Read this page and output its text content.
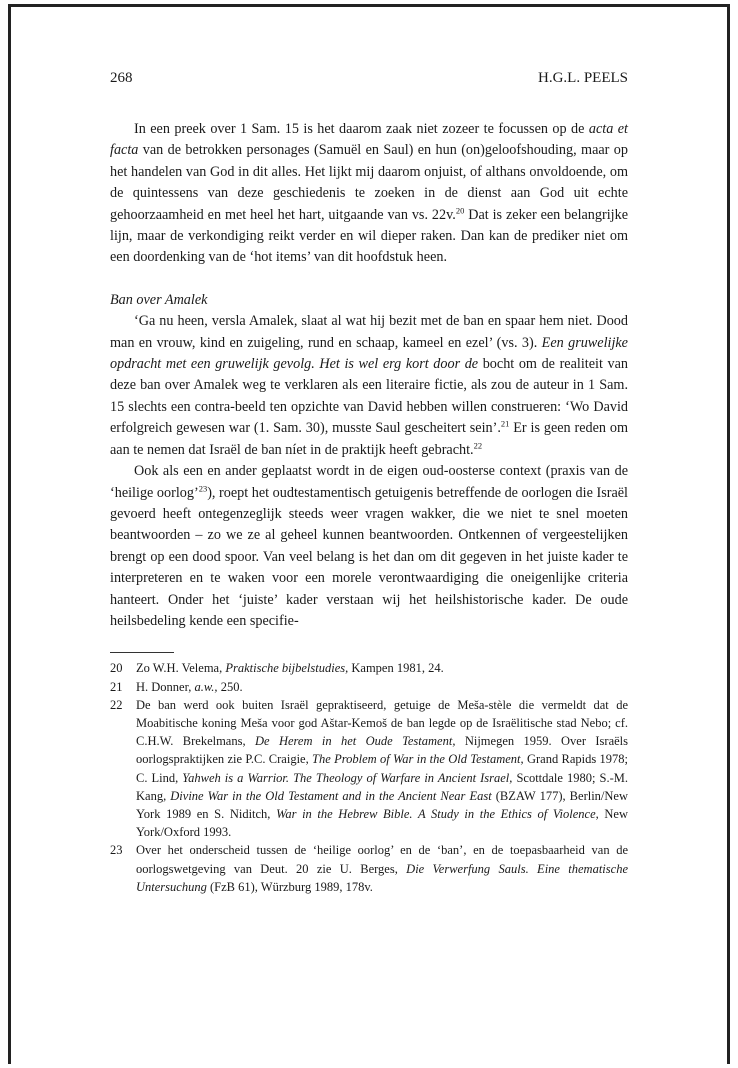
268	H.G.L. PEELS

In een preek over 1 Sam. 15 is het daarom zaak niet zozeer te focussen op de acta et facta van de betrokken personages (Samuël en Saul) en hun (on)geloofshouding, maar op het handelen van God in dit alles. Het lijkt mij daarom onjuist, of althans onvoldoende, om de quintessens van deze geschiedenis te zoeken in de dienst aan God uit echte gehoorzaamheid en met heel het hart, uitgaande van vs. 22v.$^{20}$ Dat is zeker een belangrijke lijn, maar de verkondiging reikt verder en wil dieper raken. Dan kan de prediker niet om een doordenking van de ‘hot items’ van dit hoofdstuk heen.

Ban over Amalek

‘Ga nu heen, versla Amalek, slaat al wat hij bezit met de ban en spaar hem niet. Dood man en vrouw, kind en zuigeling, rund en schaap, kameel en ezel’ (vs. 3). Een gruwelijke opdracht met een gruwelijk gevolg. Het is wel erg kort door de bocht om de realiteit van deze ban over Amalek weg te verklaren als een literaire fictie, als zou de auteur in 1 Sam. 15 slechts een contra-beeld ten opzichte van David hebben willen construeren: ‘Wo David erfolgreich gewesen war (1. Sam. 30), musste Saul gescheitert sein’.$^{21}$ Er is geen reden om aan te nemen dat Israël de ban níet in de praktijk heeft gebracht.$^{22}$

Ook als een en ander geplaatst wordt in de eigen oud-oosterse context (praxis van de ‘heilige oorlog’$^{23}$), roept het oudtestamentisch getuigenis betreffende de oorlogen die Israël gevoerd heeft ontegenzeglijk steeds weer vragen wakker, die we niet te snel moeten beantwoorden – zo we ze al geheel kunnen beantwoorden. Ontkennen of vergeestelijken brengt op een dood spoor. Van veel belang is het dan om dit gegeven in het juiste kader te interpreteren en te waken voor een morele verontwaardiging die oneigenlijke criteria hanteert. Onder het ‘juiste’ kader verstaan wij het heilshistorische kader. De oude heilsbedeling kende een specifie-

20 Zo W.H. Velema, Praktische bijbelstudies, Kampen 1981, 24.

21 H. Donner, a.w., 250.

22 De ban werd ook buiten Israël gepraktiseerd, getuige de Meša-stèle die vermeldt dat de Moabitische koning Meša voor god Aštar-Kemoš de ban legde op de Israëlitische stad Nebo; cf. C.H.W. Brekelmans, De Herem in het Oude Testament, Nijmegen 1959. Over Israëls oorlogspraktijken zie P.C. Craigie, The Problem of War in the Old Testament, Grand Rapids 1978; C. Lind, Yahweh is a Warrior. The Theology of Warfare in Ancient Israel, Scottdale 1980; S.-M. Kang, Divine War in the Old Testament and in the Ancient Near East (BZAW 177), Berlin/New York 1989 en S. Niditch, War in the Hebrew Bible. A Study in the Ethics of Violence, New York/Oxford 1993.

23 Over het onderscheid tussen de ‘heilige oorlog’ en de ‘ban’, en de toepasbaarheid van de oorlogswetgeving van Deut. 20 zie U. Berges, Die Verwerfung Sauls. Eine thematische Untersuchung (FzB 61), Würzburg 1989, 178v.
